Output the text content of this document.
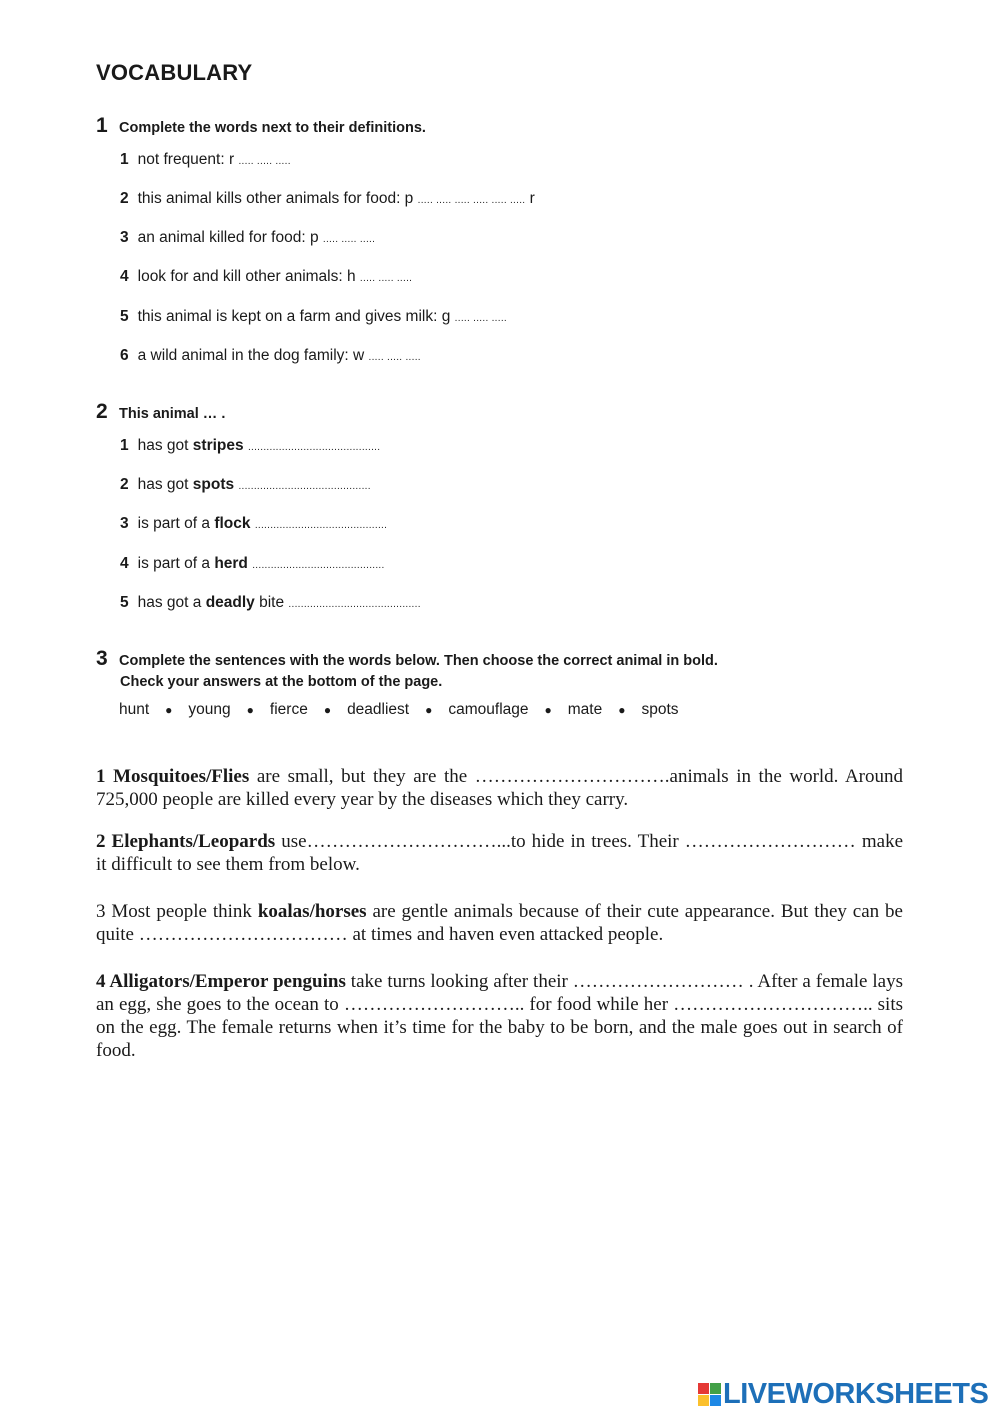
VOCABULARY
1 Complete the words next to their definitions.
1 not frequent: r ..... ..... .....
2 this animal kills other animals for food: p ..... ..... ..... ..... ..... ..... r
3 an animal killed for food: p ..... ..... .....
4 look for and kill other animals: h ..... ..... .....
5 this animal is kept on a farm and gives milk: g ..... ..... .....
6 a wild animal in the dog family: w ..... ..... .....
2 This animal … .
1 has got stripes ...........................................
2 has got spots ...........................................
3 is part of a flock ...........................................
4 is part of a herd ...........................................
5 has got a deadly bite ...........................................
3 Complete the sentences with the words below. Then choose the correct animal in bold.
Check your answers at the bottom of the page.
hunt ● young ● fierce ● deadliest ● camouflage ● mate ● spots

1 Mosquitoes/Flies are small, but they are the ………………………….animals in the world. Around 725,000 people are killed every year by the diseases which they carry.

2 Elephants/Leopards use…………………………...to hide in trees. Their ……………………… make it difficult to see them from below.

3 Most people think koalas/horses are gentle animals because of their cute appearance. But they can be quite …………………………… at times and haven even attacked people.

4 Alligators/Emperor penguins take turns looking after their ……………………… . After a female lays an egg, she goes to the ocean to ……………………….. for food while her ………………………….. sits on the egg. The female returns when it’s time for the baby to be born, and the male goes out in search of food.

LIVEWORKSHEETS
